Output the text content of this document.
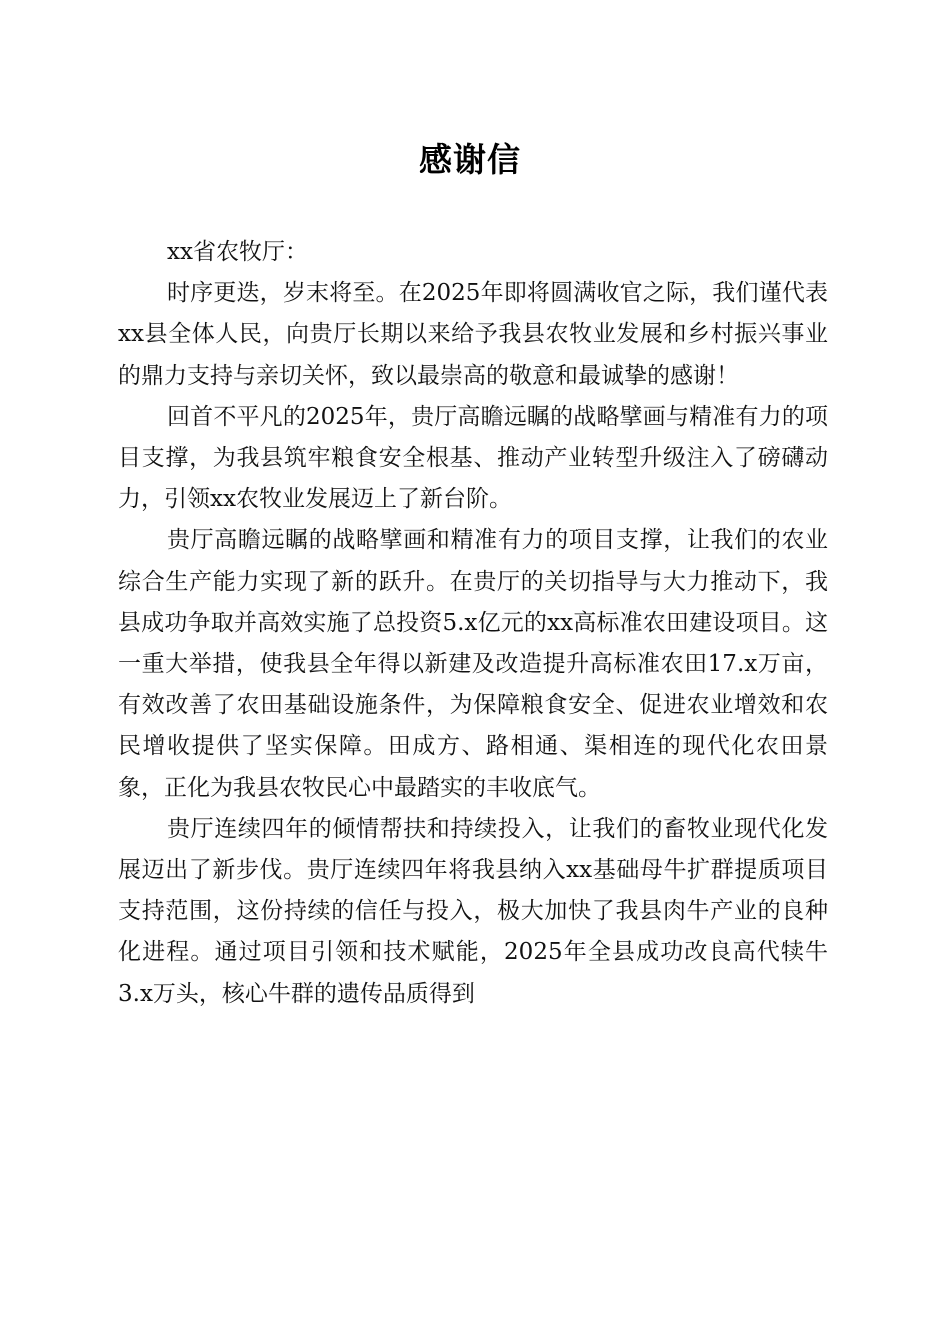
感谢信

xx省农牧厅：

时序更迭，岁末将至。在2025年即将圆满收官之际，我们谨代表xx县全体人民，向贵厅长期以来给予我县农牧业发展和乡村振兴事业的鼎力支持与亲切关怀，致以最崇高的敬意和最诚挚的感谢！

回首不平凡的2025年，贵厅高瞻远瞩的战略擘画与精准有力的项目支撑，为我县筑牢粮食安全根基、推动产业转型升级注入了磅礴动力，引领xx农牧业发展迈上了新台阶。

贵厅高瞻远瞩的战略擘画和精准有力的项目支撑，让我们的农业综合生产能力实现了新的跃升。在贵厅的关切指导与大力推动下，我县成功争取并高效实施了总投资5.x亿元的xx高标准农田建设项目。这一重大举措，使我县全年得以新建及改造提升高标准农田17.x万亩，有效改善了农田基础设施条件，为保障粮食安全、促进农业增效和农民增收提供了坚实保障。田成方、路相通、渠相连的现代化农田景象，正化为我县农牧民心中最踏实的丰收底气。

贵厅连续四年的倾情帮扶和持续投入，让我们的畜牧业现代化发展迈出了新步伐。贵厅连续四年将我县纳入xx基础母牛扩群提质项目支持范围，这份持续的信任与投入，极大加快了我县肉牛产业的良种化进程。通过项目引领和技术赋能，2025年全县成功改良高代犊牛3.x万头，核心牛群的遗传品质得到
